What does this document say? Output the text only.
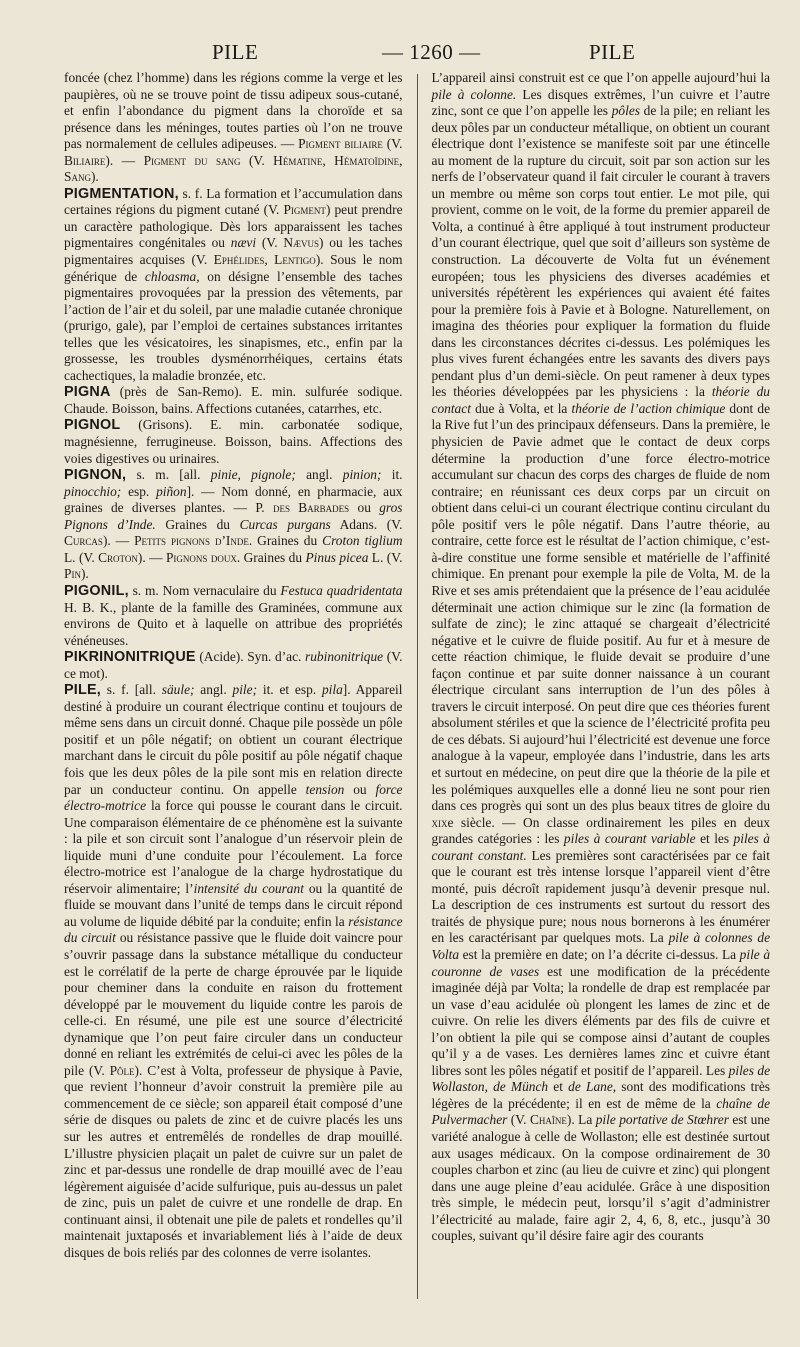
PILE	— 1260 —	PILE

foncée (chez l’homme) dans les régions comme la verge et les paupières, où ne se trouve point de tissu adipeux sous-cutané, et enfin l’abondance du pigment dans la choroïde et sa présence dans les méninges, toutes parties où l’on ne trouve pas normalement de cellules adipeuses. — Pigment biliaire (V. Biliaire). — Pigment du sang (V. Hématine, Hématoïdine, Sang).

PIGMENTATION, s. f. La formation et l’accumulation dans certaines régions du pigment cutané (V. Pigment) peut prendre un caractère pathologique. Dès lors apparaissent les taches pigmentaires congénitales ou nævi (V. Nævus) ou les taches pigmentaires acquises (V. Ephélides, Lentigo). Sous le nom générique de chloasma, on désigne l’ensemble des taches pigmentaires provoquées par la pression des vêtements, par l’action de l’air et du soleil, par une maladie cutanée chronique (prurigo, gale), par l’emploi de certaines substances irritantes telles que les vésicatoires, les sinapismes, etc., enfin par la grossesse, les troubles dysménorrhéiques, certains états cachectiques, la maladie bronzée, etc.

PIGNA (près de San-Remo). E. min. sulfurée sodique. Chaude. Boisson, bains. Affections cutanées, catarrhes, etc.

PIGNOL (Grisons). E. min. carbonatée sodique, magnésienne, ferrugineuse. Boisson, bains. Affections des voies digestives ou urinaires.

PIGNON, s. m. [all. pinie, pignole; angl. pinion; it. pinocchio; esp. piñon]. — Nom donné, en pharmacie, aux graines de diverses plantes. — P. des Barbades ou gros Pignons d’Inde. Graines du Curcas purgans Adans. (V. Curcas). — Petits pignons d’Inde. Graines du Croton tiglium L. (V. Croton). — Pignons doux. Graines du Pinus picea L. (V. Pin).

PIGONIL, s. m. Nom vernaculaire du Festuca quadridentata H. B. K., plante de la famille des Graminées, commune aux environs de Quito et à laquelle on attribue des propriétés vénéneuses.

PIKRINONITRIQUE (Acide). Syn. d’ac. rubinonitrique (V. ce mot).

PILE, s. f. [all. säule; angl. pile; it. et esp. pila]. Appareil destiné à produire un courant électrique continu et toujours de même sens dans un circuit donné. Chaque pile possède un pôle positif et un pôle négatif; on obtient un courant électrique marchant dans le circuit du pôle positif au pôle négatif chaque fois que les deux pôles de la pile sont mis en relation directe par un conducteur continu. On appelle tension ou force électro-motrice la force qui pousse le courant dans le circuit. Une comparaison élémentaire de ce phénomène est la suivante : la pile et son circuit sont l’analogue d’un réservoir plein de liquide muni d’une conduite pour l’écoulement. La force électro-motrice est l’analogue de la charge hydrostatique du réservoir alimentaire; l’intensité du courant ou la quantité de fluide se mouvant dans l’unité de temps dans le circuit répond au volume de liquide débité par la conduite; enfin la résistance du circuit ou résistance passive que le fluide doit vaincre pour s’ouvrir passage dans la substance métallique du conducteur est le corrélatif de la perte de charge éprouvée par le liquide pour cheminer dans la conduite en raison du frottement développé par le mouvement du liquide contre les parois de celle-ci. En résumé, une pile est une source d’électricité dynamique que l’on peut faire circuler dans un conducteur donné en reliant les extrémités de celui-ci avec les pôles de la pile (V. Pôle). C’est à Volta, professeur de physique à Pavie, que revient l’honneur d’avoir construit la première pile au commencement de ce siècle; son appareil était composé d’une série de disques ou palets de zinc et de cuivre placés les uns sur les autres et entremêlés de rondelles de drap mouillé. L’illustre physicien plaçait un palet de cuivre sur un palet de zinc et par-dessus une rondelle de drap mouillé avec de l’eau légèrement aiguisée d’acide sulfurique, puis au-dessus un palet de zinc, puis un palet de cuivre et une rondelle de drap. En continuant ainsi, il obtenait une pile de palets et rondelles qu’il maintenait juxtaposés et invariablement liés à l’aide de deux disques de bois reliés par des colonnes de verre isolantes.

L’appareil ainsi construit est ce que l’on appelle aujourd’hui la pile à colonne. Les disques extrêmes, l’un cuivre et l’autre zinc, sont ce que l’on appelle les pôles de la pile; en reliant les deux pôles par un conducteur métallique, on obtient un courant électrique dont l’existence se manifeste soit par une étincelle au moment de la rupture du circuit, soit par son action sur les nerfs de l’observateur quand il fait circuler le courant à travers un membre ou même son corps tout entier. Le mot pile, qui provient, comme on le voit, de la forme du premier appareil de Volta, a continué à être appliqué à tout instrument producteur d’un courant électrique, quel que soit d’ailleurs son système de construction. La découverte de Volta fut un événement européen; tous les physiciens des diverses académies et universités répétèrent les expériences qui avaient été faites pour la première fois à Pavie et à Bologne. Naturellement, on imagina des théories pour expliquer la formation du fluide dans les circonstances décrites ci-dessus. Les polémiques les plus vives furent échangées entre les savants des divers pays pendant plus d’un demi-siècle. On peut ramener à deux types les théories développées par les physiciens : la théorie du contact due à Volta, et la théorie de l’action chimique dont de la Rive fut l’un des principaux défenseurs. Dans la première, le physicien de Pavie admet que le contact de deux corps détermine la production d’une force électro-motrice accumulant sur chacun des corps des charges de fluide de nom contraire; en réunissant ces deux corps par un circuit on obtient dans celui-ci un courant électrique continu circulant du pôle positif vers le pôle négatif. Dans l’autre théorie, au contraire, cette force est le résultat de l’action chimique, c’est-à-dire constitue une forme sensible et matérielle de l’affinité chimique. En prenant pour exemple la pile de Volta, M. de la Rive et ses amis prétendaient que la présence de l’eau acidulée déterminait une action chimique sur le zinc (la formation de sulfate de zinc); le zinc attaqué se chargeait d’électricité négative et le cuivre de fluide positif. Au fur et à mesure de cette réaction chimique, le fluide devait se produire d’une façon continue et par suite donner naissance à un courant électrique circulant sans interruption de l’un des pôles à travers le circuit interposé. On peut dire que ces théories furent absolument stériles et que la science de l’électricité profita peu de ces débats. Si aujourd’hui l’électricité est devenue une force analogue à la vapeur, employée dans l’industrie, dans les arts et surtout en médecine, on peut dire que la théorie de la pile et les polémiques auxquelles elle a donné lieu ne sont pour rien dans ces progrès qui sont un des plus beaux titres de gloire du xixe siècle. — On classe ordinairement les piles en deux grandes catégories : les piles à courant variable et les piles à courant constant. Les premières sont caractérisées par ce fait que le courant est très intense lorsque l’appareil vient d’être monté, puis décroît rapidement jusqu’à devenir presque nul. La description de ces instruments est surtout du ressort des traités de physique pure; nous nous bornerons à les énumérer en les caractérisant par quelques mots. La pile à colonnes de Volta est la première en date; on l’a décrite ci-dessus. La pile à couronne de vases est une modification de la précédente imaginée déjà par Volta; la rondelle de drap est remplacée par un vase d’eau acidulée où plongent les lames de zinc et de cuivre. On relie les divers éléments par des fils de cuivre et l’on obtient la pile qui se compose ainsi d’autant de couples qu’il y a de vases. Les dernières lames zinc et cuivre étant libres sont les pôles négatif et positif de l’appareil. Les piles de Wollaston, de Münch et de Lane, sont des modifications très légères de la précédente; il en est de même de la chaîne de Pulvermacher (V. Chaîne). La pile portative de Stœhrer est une variété analogue à celle de Wollaston; elle est destinée surtout aux usages médicaux. On la compose ordinairement de 30 couples charbon et zinc (au lieu de cuivre et zinc) qui plongent dans une auge pleine d’eau acidulée. Grâce à une disposition très simple, le médecin peut, lorsqu’il s’agit d’administrer l’électricité au malade, faire agir 2, 4, 6, 8, etc., jusqu’à 30 couples, suivant qu’il désire faire agir des courants
